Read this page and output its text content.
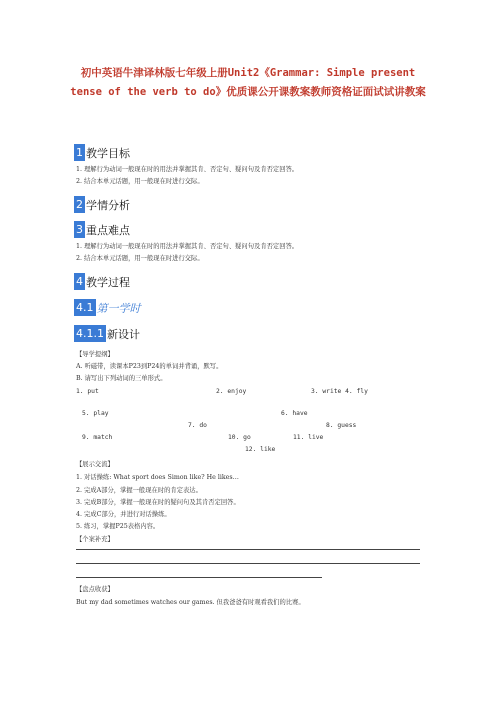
初中英语牛津译林版七年级上册Unit2《Grammar: Simple present tense of the verb to do》优质课公开课教案教师资格证面试试讲教案
1 教学目标
1. 理解行为动词一般现在时的用法并掌握其肯、否定句、疑问句及肯否定回答。
2. 结合本单元话题，用一般现在时进行交际。
2 学情分析
3 重点难点
1. 理解行为动词一般现在时的用法并掌握其肯、否定句、疑问句及肯否定回答。
2. 结合本单元话题，用一般现在时进行交际。
4 教学过程
4.1 第一学时
4.1.1 新设计
【导学提纲】
A. 听磁带，读课本P23到P24的单词并背诵，默写。
B. 请写出下列动词的三单形式。
1. put	2. enjoy	3. write 4. fly
5. play	6. have
7. do	8. guess
9. match	10. go	11. live
12. like
【展示交流】
1. 对话操练: What sport does Simon like? He likes…
2. 完成A部分，掌握一般现在时的肯定表达。
3. 完成B部分，掌握一般现在时的疑问句及其肯否定回答。
4. 完成C部分，并进行对话操练。
5. 练习，掌握P25表格内容。
【个案补充】
【盘点收获】
But my dad sometimes watches our games. 但我爸爸有时观看我们的比赛。
